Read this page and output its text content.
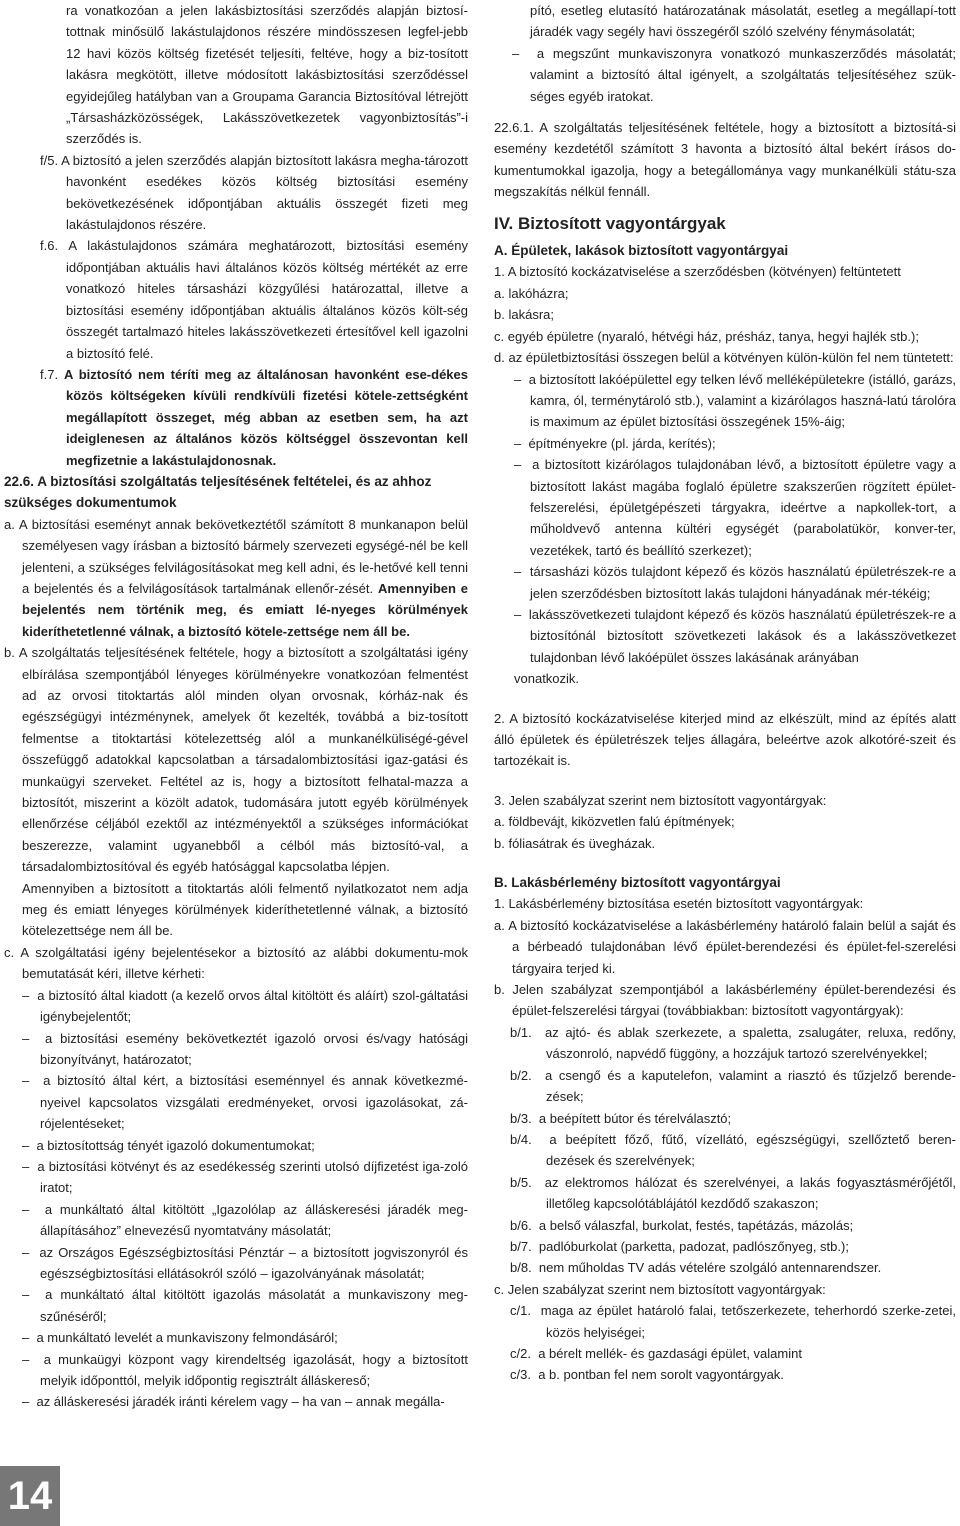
ra vonatkozóan a jelen lakásbiztosítási szerződés alapján biztosí-tottnak minősülő lakástulajdonos részére mindösszesen legfel-jebb 12 havi közös költség fizetését teljesíti, feltéve, hogy a biz-tosított lakásra megkötött, illetve módosított lakásbiztosítási szerződéssel egyidejűleg hatályban van a Groupama Garancia Biztosítóval létrejött „Társasházközösségek, Lakásszövetkezetek vagyonbiztosítás”-i szerződés is.

f/5. A biztosító a jelen szerződés alapján biztosított lakásra megha-tározott havonként esedékes közös költség biztosítási esemény bekövetkezésének időpontjában aktuális összegét fizeti meg lakástulajdonos részére.

f.6. A lakástulajdonos számára meghatározott, biztosítási esemény időpontjában aktuális havi általános közös költség mértékét az erre vonatkozó hiteles társasházi közgyűlési határozattal, illetve a biztosítási esemény időpontjában aktuális általános közös költ-ség összegét tartalmazó hiteles lakásszövetkezeti értesítővel kell igazolni a biztosító felé.

f.7. A biztosító nem téríti meg az általánosan havonként ese-dékes közös költségeken kívüli rendkívüli fizetési kötele-zettségként megállapított összeget, még abban az esetben sem, ha azt ideiglenesen az általános közös költséggel összevontan kell megfizetnie a lakástulajdonosnak.

22.6. A biztosítási szolgáltatás teljesítésének feltételei, és az ahhoz szükséges dokumentumok

a. A biztosítási eseményt annak bekövetkeztétől számított 8 munkanapon belül személyesen vagy írásban a biztosító bármely szervezeti egységé-nél be kell jelenteni, a szükséges felvilágosításokat meg kell adni, és le-hetővé kell tenni a bejelentés és a felvilágosítások tartalmának ellenőr-zését. Amennyiben e bejelentés nem történik meg, és emiatt lé-nyeges körülmények kideríthetetlenné válnak, a biztosító kötele-zettsége nem áll be.

b. A szolgáltatás teljesítésének feltétele, hogy a biztosított a szolgáltatási igény elbírálása szempontjából lényeges körülményekre vonatkozóan felmentést ad az orvosi titoktartás alól minden olyan orvosnak, kórház-nak és egészségügyi intézménynek, amelyek őt kezelték, továbbá a biz-tosított felmentse a titoktartási kötelezettség alól a munkanélküliségé-gével összefüggő adatokkal kapcsolatban a társadalombiztosítási igaz-gatási és munkaügyi szerveket. Feltétel az is, hogy a biztosított felhatal-mazza a biztosítót, miszerint a közölt adatok, tudomására jutott egyéb körülmények ellenőrzése céljából ezektől az intézményektől a szükséges információkat beszerezze, valamint ugyanebből a célból más biztosító-val, a társadalombiztosítóval és egyéb hatósággal kapcsolatba lépjen.

Amennyiben a biztosított a titoktartás alóli felmentő nyilatkozatot nem adja meg és emiatt lényeges körülmények kideríthetetlenné válnak, a biztosító kötelezettsége nem áll be.

c. A szolgáltatási igény bejelentésekor a biztosító az alábbi dokumentu-mok bemutatását kéri, illetve kérheti:

–  a biztosító által kiadott (a kezelő orvos által kitöltött és aláírt) szol-gáltatási igénybejelentőt;

–  a biztosítási esemény bekövetkeztét igazoló orvosi és/vagy hatósági bizonyítványt, határozatot;

–  a biztosító által kért, a biztosítási eseménnyel és annak következmé-nyeivel kapcsolatos vizsgálati eredményeket, orvosi igazolásokat, zá-rójelentéseket;

–  a biztosítottság tényét igazoló dokumentumokat;

–  a biztosítási kötvényt és az esedékesség szerinti utolsó díjfizetést iga-zoló iratot;

–  a munkáltató által kitöltött „Igazolólap az álláskeresési járadék meg-állapításához” elnevezésű nyomtatvány másolatát;

–  az Országos Egészségbiztosítási Pénztár – a biztosított jogviszonyról és egészségbiztosítási ellátásokról szóló – igazolványának másolatát;

–  a munkáltató által kitöltött igazolás másolatát a munkaviszony meg-szűnéséről;

–  a munkáltató levelét a munkaviszony felmondásáról;

–  a munkaügyi központ vagy kirendeltség igazolását, hogy a biztosított melyik időponttól, melyik időpontig regisztrált álláskereső;

–  az álláskeresési járadék iránti kérelem vagy – ha van – annak megálla-

pító, esetleg elutasító határozatának másolatát, esetleg a megállapí-tott járadék vagy segély havi összegéről szóló szelvény fénymásolatát;

–  a megszűnt munkaviszonyra vonatkozó munkaszerződés másolatát; valamint a biztosító által igényelt, a szolgáltatás teljesítéséhez szük-séges egyéb iratokat.

22.6.1. A szolgáltatás teljesítésének feltétele, hogy a biztosított a biztosítá-si esemény kezdetétől számított 3 havonta a biztosító által bekért írásos do-kumentumokkal igazolja, hogy a betegállománya vagy munkanélküli státu-sza megszakítás nélkül fennáll.

IV. Biztosított vagyontárgyak

A. Épületek, lakások biztosított vagyontárgyai

1. A biztosító kockázatviselése a szerződésben (kötvényen) feltüntetett

a. lakóházra;

b. lakásra;

c. egyéb épületre (nyaraló, hétvégi ház, présház, tanya, hegyi hajlék stb.);

d. az épületbiztosítási összegen belül a kötvényen külön-külön fel nem tüntetett:

–  a biztosított lakóépülettel egy telken lévő melléképületekre (istálló, garázs, kamra, ól, terménytároló stb.), valamint a kizárólagos haszná-latú tárolóra is maximum az épület biztosítási összegének 15%-áig;

–  építményekre (pl. járda, kerítés);

–  a biztosított kizárólagos tulajdonában lévő, a biztosított épületre vagy a biztosított lakást magába foglaló épületre szakszerűen rögzített épület-felszerelési, épületgépészeti tárgyakra, ideértve a napkollek-tort, a műholdvevő antenna kültéri egységét (parabolatükör, konver-ter, vezetékek, tartó és beállító szerkezet);

–  társasházi közös tulajdont képező és közös használatú épületrészek-re a jelen szerződésben biztosított lakás tulajdoni hányadának mér-tékéig;

–  lakásszövetkezeti tulajdont képező és közös használatú épületrészek-re a biztosítónál biztosított szövetkezeti lakások és a lakásszövetkezet tulajdonban lévő lakóépület összes lakásának arányában

vonatkozik.

2. A biztosító kockázatviselése kiterjed mind az elkészült, mind az építés alatt álló épületek és épületrészek teljes állagára, beleértve azok alkotóré-szeit és tartozékait is.

3. Jelen szabályzat szerint nem biztosított vagyontárgyak:

a. földbevájt, kiközvetlen falú építmények;

b. fóliasátrak és üvegházak.

B. Lakásbérlemény biztosított vagyontárgyai

1. Lakásbérlemény biztosítása esetén biztosított vagyontárgyak:

a. A biztosító kockázatviselése a lakásbérlemény határoló falain belül a saját és a bérbeadó tulajdonában lévő épület-berendezési és épület-fel-szerelési tárgyaira terjed ki.

b. Jelen szabályzat szempontjából a lakásbérlemény épület-berendezési és épület-felszerelési tárgyai (továbbiakban: biztosított vagyontárgyak):

b/1. az ajtó- és ablak szerkezete, a spaletta, zsalugáter, reluxa, redőny, vászonroló, napvédő függöny, a hozzájuk tartozó szerelvényekkel;

b/2. a csengő és a kaputelefon, valamint a riasztó és tűzjelző berende-zések;

b/3. a beépített bútor és térelválasztó;

b/4. a beépített főző, fűtő, vízellátó, egészségügyi, szellőztető beren-dezések és szerelvények;

b/5. az elektromos hálózat és szerelvényei, a lakás fogyasztásmérőjétől, illetőleg kapcsolótáblájától kezdődő szakaszon;

b/6. a belső válaszfal, burkolat, festés, tapétázás, mázolás;

b/7. padlóburkolat (parketta, padozat, padlószőnyeg, stb.);

b/8. nem műholdas TV adás vételére szolgáló antennarendszer.

c. Jelen szabályzat szerint nem biztosított vagyontárgyak:

c/1. maga az épület határoló falai, tetőszerkezete, teherhordó szerke-zetei, közös helyiségei;

c/2. a bérelt mellék- és gazdasági épület, valamint

c/3. a b. pontban fel nem sorolt vagyontárgyak.

14
